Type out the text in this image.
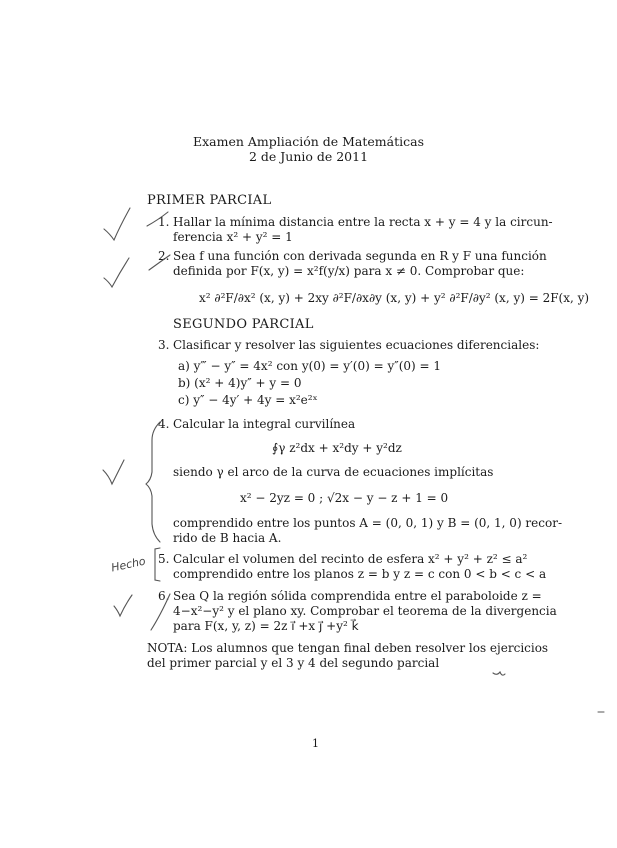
Examen Ampliación de Matemáticas
2 de Junio de 2011
PRIMER PARCIAL
1. Hallar la mínima distancia entre la recta x + y = 4 y la circun-
ferencia x² + y² = 1
2. Sea f una función con derivada segunda en R y F una función
definida por F(x, y) = x²f(y/x) para x ≠ 0. Comprobar que:
x² ∂²F/∂x² (x, y) + 2xy ∂²F/∂x∂y (x, y) + y² ∂²F/∂y² (x, y) = 2F(x, y)
SEGUNDO PARCIAL
3. Clasificar y resolver las siguientes ecuaciones diferenciales:
a) y‴ − y″ = 4x² con y(0) = y′(0) = y″(0) = 1
b) (x² + 4)y″ + y = 0
c) y″ − 4y′ + 4y = x²e²ˣ
4. Calcular la integral curvilínea
∮γ z²dx + x²dy + y²dz
siendo γ el arco de la curva de ecuaciones implícitas
x² − 2yz = 0 ; √2x − y − z + 1 = 0
comprendido entre los puntos A = (0, 0, 1) y B = (0, 1, 0) recor-
rido de B hacia A.
5. Calcular el volumen del recinto de esfera x² + y² + z² ≤ a²
comprendido entre los planos z = b y z = c con 0 < b < c < a
6. Sea Q la región sólida comprendida entre el paraboloide z =
4−x²−y² y el plano xy. Comprobar el teorema de la divergencia
para F(x, y, z) = 2z i⃗ +x j⃗ +y² k⃗
NOTA: Los alumnos que tengan final deben resolver los ejercicios
del primer parcial y el 3 y 4 del segundo parcial
1
Hecho
